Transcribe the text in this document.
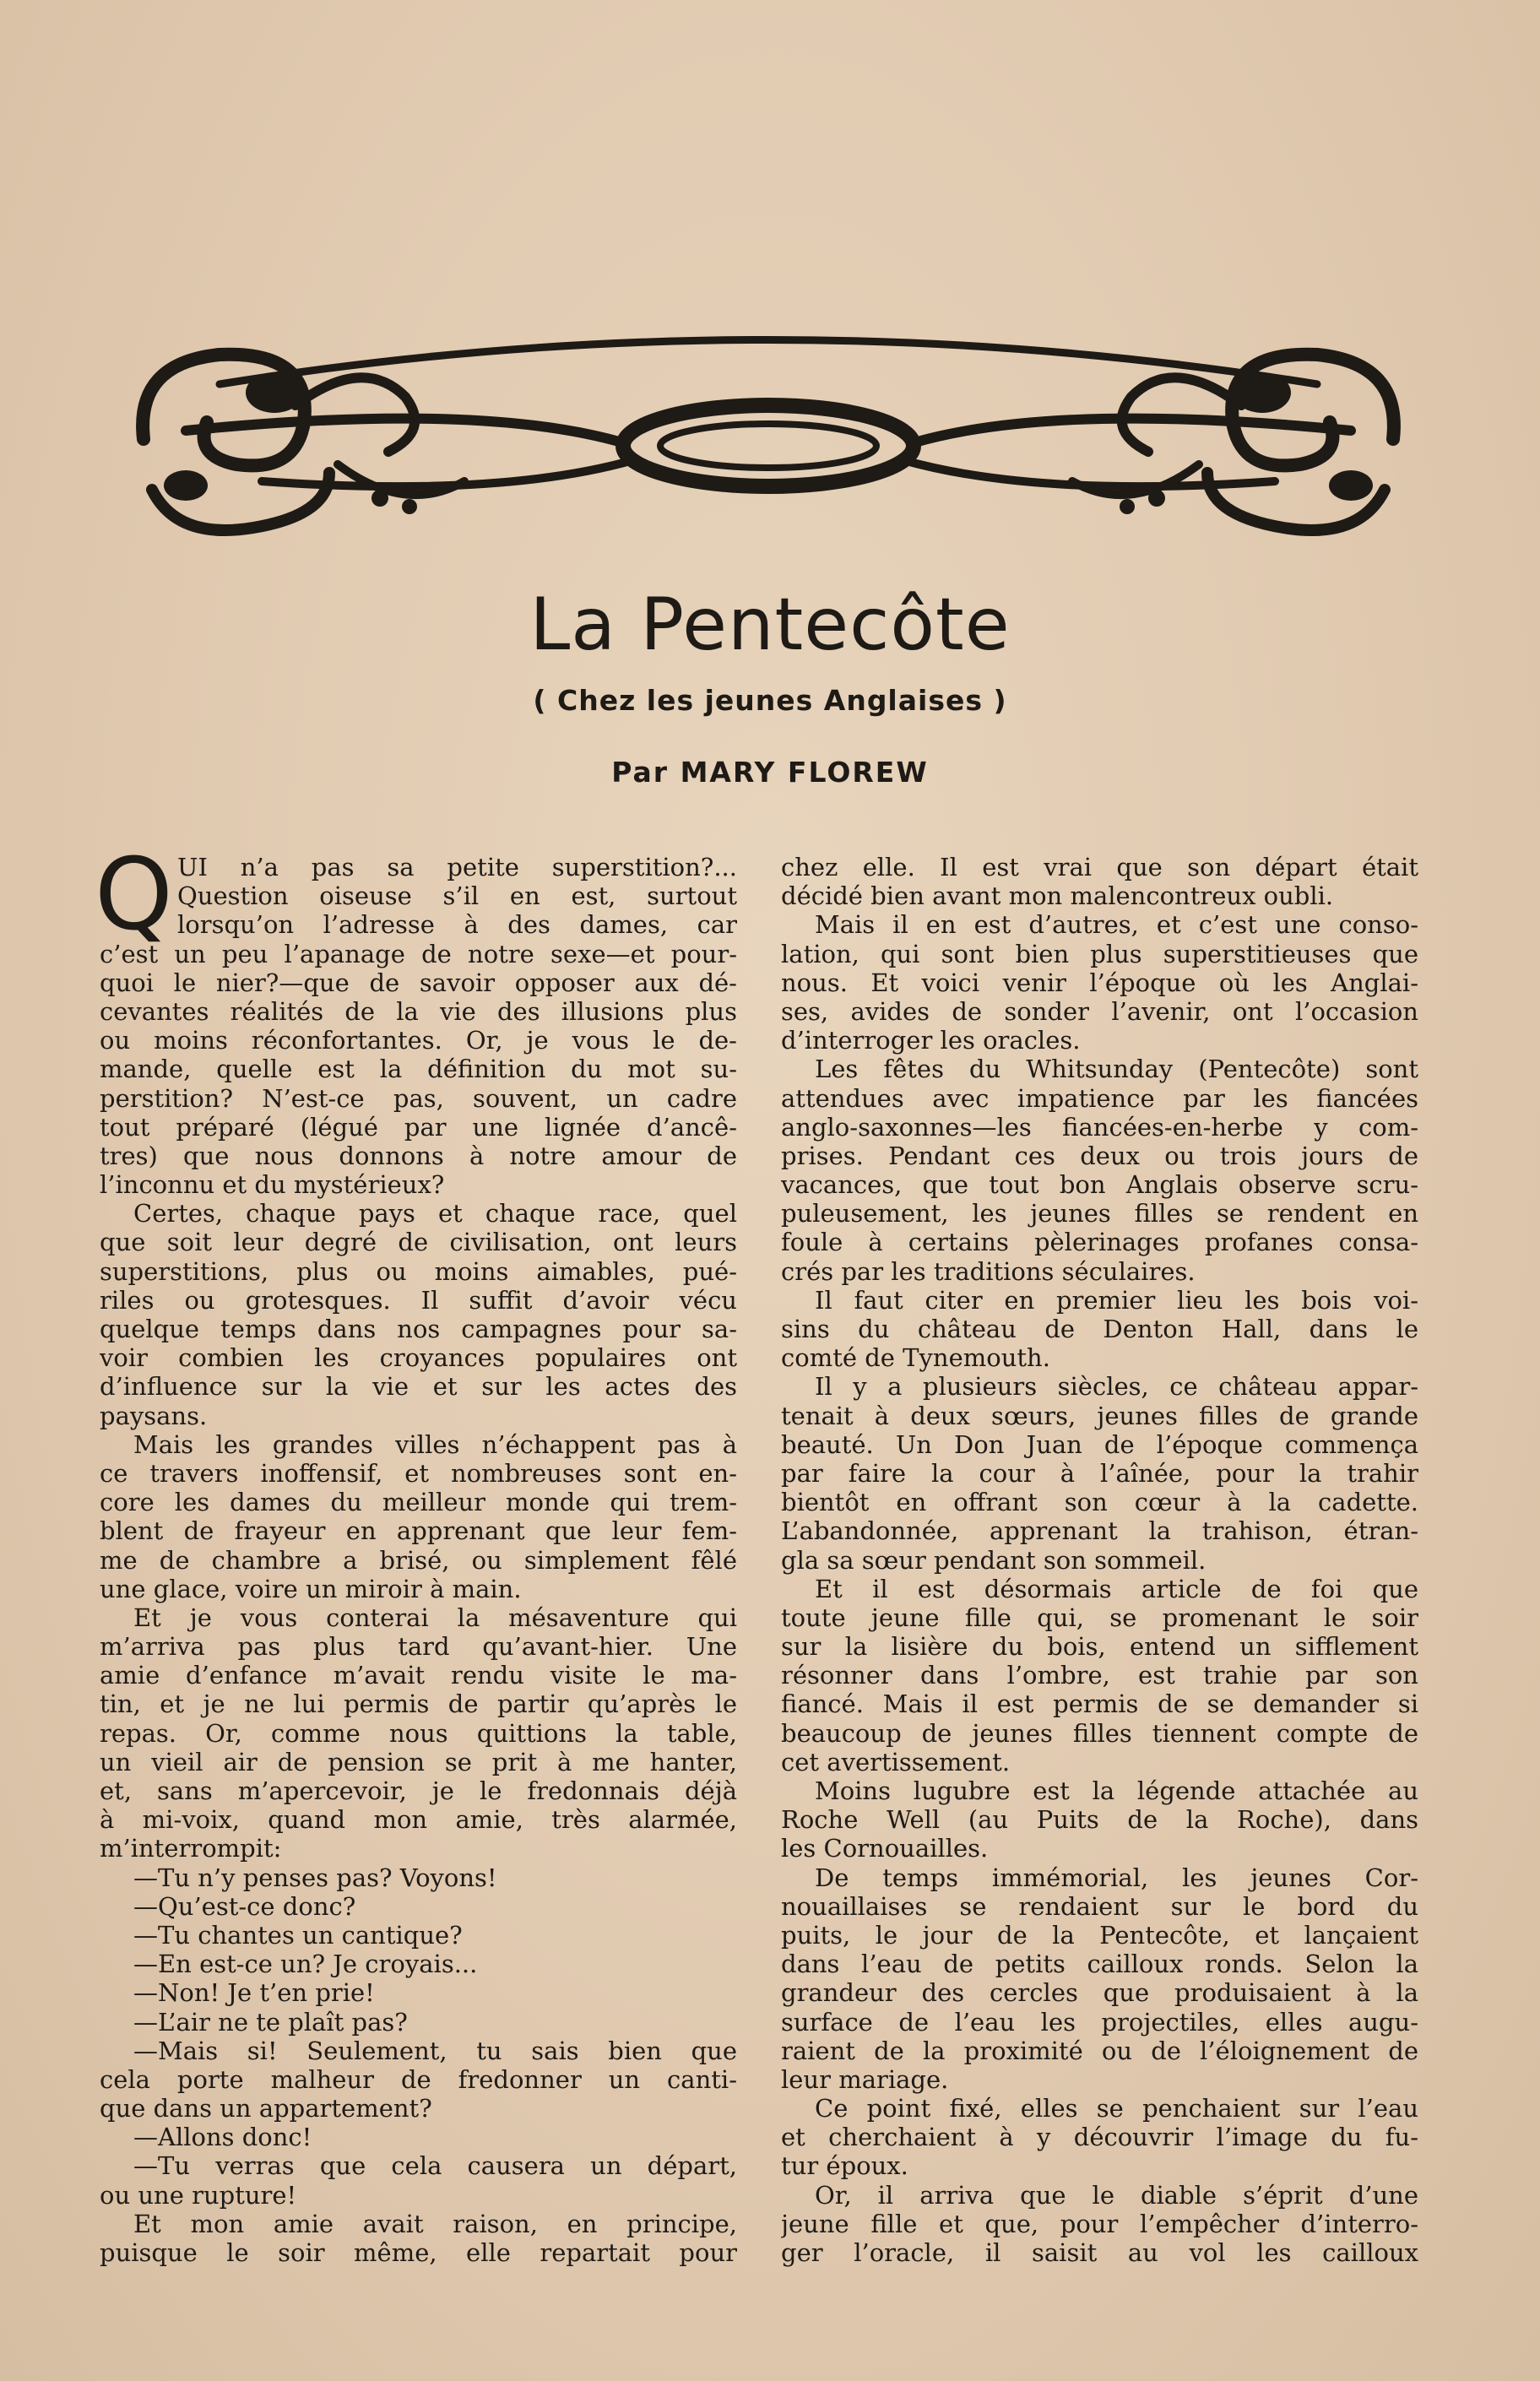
La Pentecôte
( Chez les jeunes Anglaises )
Par MARY FLOREW
Q UI n’a pas sa petite superstition?...
Question oiseuse s’il en est, surtout
lorsqu’on l’adresse à des dames, car
c’est un peu l’apanage de notre sexe—et pour-
quoi le nier?—que de savoir opposer aux dé-
cevantes réalités de la vie des illusions plus
ou moins réconfortantes. Or, je vous le de-
mande, quelle est la définition du mot su-
perstition? N’est-ce pas, souvent, un cadre
tout préparé (légué par une lignée d’ancê-
tres) que nous donnons à notre amour de
l’inconnu et du mystérieux?
Certes, chaque pays et chaque race, quel
que soit leur degré de civilisation, ont leurs
superstitions, plus ou moins aimables, pué-
riles ou grotesques. Il suffit d’avoir vécu
quelque temps dans nos campagnes pour sa-
voir combien les croyances populaires ont
d’influence sur la vie et sur les actes des
paysans.
Mais les grandes villes n’échappent pas à
ce travers inoffensif, et nombreuses sont en-
core les dames du meilleur monde qui trem-
blent de frayeur en apprenant que leur fem-
me de chambre a brisé, ou simplement fêlé
une glace, voire un miroir à main.
Et je vous conterai la mésaventure qui
m’arriva pas plus tard qu’avant-hier. Une
amie d’enfance m’avait rendu visite le ma-
tin, et je ne lui permis de partir qu’après le
repas. Or, comme nous quittions la table,
un vieil air de pension se prit à me hanter,
et, sans m’apercevoir, je le fredonnais déjà
à mi-voix, quand mon amie, très alarmée,
m’interrompit:
—Tu n’y penses pas? Voyons!
—Qu’est-ce donc?
—Tu chantes un cantique?
—En est-ce un? Je croyais...
—Non! Je t’en prie!
—L’air ne te plaît pas?
—Mais si! Seulement, tu sais bien que
cela porte malheur de fredonner un canti-
que dans un appartement?
—Allons donc!
—Tu verras que cela causera un départ,
ou une rupture!
Et mon amie avait raison, en principe,
puisque le soir même, elle repartait pour
chez elle. Il est vrai que son départ était
décidé bien avant mon malencontreux oubli.
Mais il en est d’autres, et c’est une conso-
lation, qui sont bien plus superstitieuses que
nous. Et voici venir l’époque où les Anglai-
ses, avides de sonder l’avenir, ont l’occasion
d’interroger les oracles.
Les fêtes du Whitsunday (Pentecôte) sont
attendues avec impatience par les fiancées
anglo-saxonnes—les fiancées-en-herbe y com-
prises. Pendant ces deux ou trois jours de
vacances, que tout bon Anglais observe scru-
puleusement, les jeunes filles se rendent en
foule à certains pèlerinages profanes consa-
crés par les traditions séculaires.
Il faut citer en premier lieu les bois voi-
sins du château de Denton Hall, dans le
comté de Tynemouth.
Il y a plusieurs siècles, ce château appar-
tenait à deux sœurs, jeunes filles de grande
beauté. Un Don Juan de l’époque commença
par faire la cour à l’aînée, pour la trahir
bientôt en offrant son cœur à la cadette.
L’abandonnée, apprenant la trahison, étran-
gla sa sœur pendant son sommeil.
Et il est désormais article de foi que
toute jeune fille qui, se promenant le soir
sur la lisière du bois, entend un sifflement
résonner dans l’ombre, est trahie par son
fiancé. Mais il est permis de se demander si
beaucoup de jeunes filles tiennent compte de
cet avertissement.
Moins lugubre est la légende attachée au
Roche Well (au Puits de la Roche), dans
les Cornouailles.
De temps immémorial, les jeunes Cor-
nouaillaises se rendaient sur le bord du
puits, le jour de la Pentecôte, et lançaient
dans l’eau de petits cailloux ronds. Selon la
grandeur des cercles que produisaient à la
surface de l’eau les projectiles, elles augu-
raient de la proximité ou de l’éloignement de
leur mariage.
Ce point fixé, elles se penchaient sur l’eau
et cherchaient à y découvrir l’image du fu-
tur époux.
Or, il arriva que le diable s’éprit d’une
jeune fille et que, pour l’empêcher d’interro-
ger l’oracle, il saisit au vol les cailloux
